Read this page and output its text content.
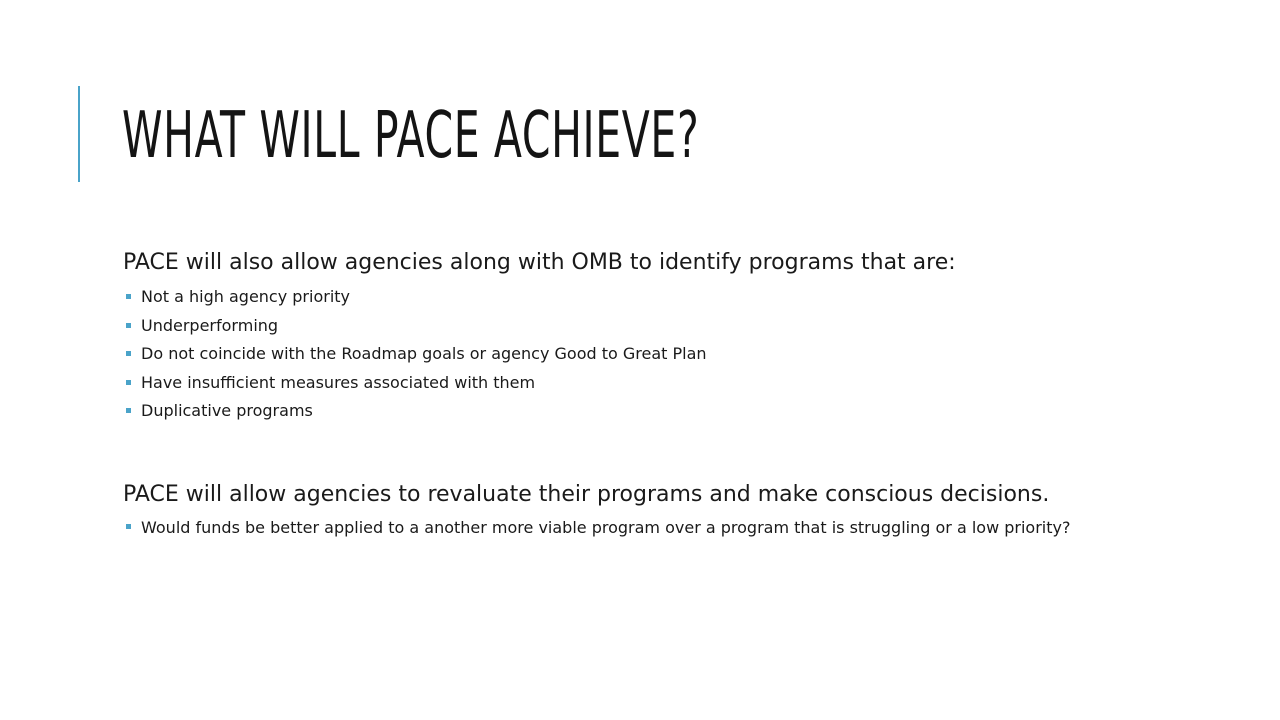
WHAT WILL PACE ACHIEVE?

PACE will also allow agencies along with OMB to identify programs that are:

Not a high agency priority
Underperforming
Do not coincide with the Roadmap goals or agency Good to Great Plan
Have insufficient measures associated with them
Duplicative programs

PACE will allow agencies to revaluate their programs and make conscious decisions.

Would funds be better applied to a another more viable program over a program that is struggling or a low priority?
